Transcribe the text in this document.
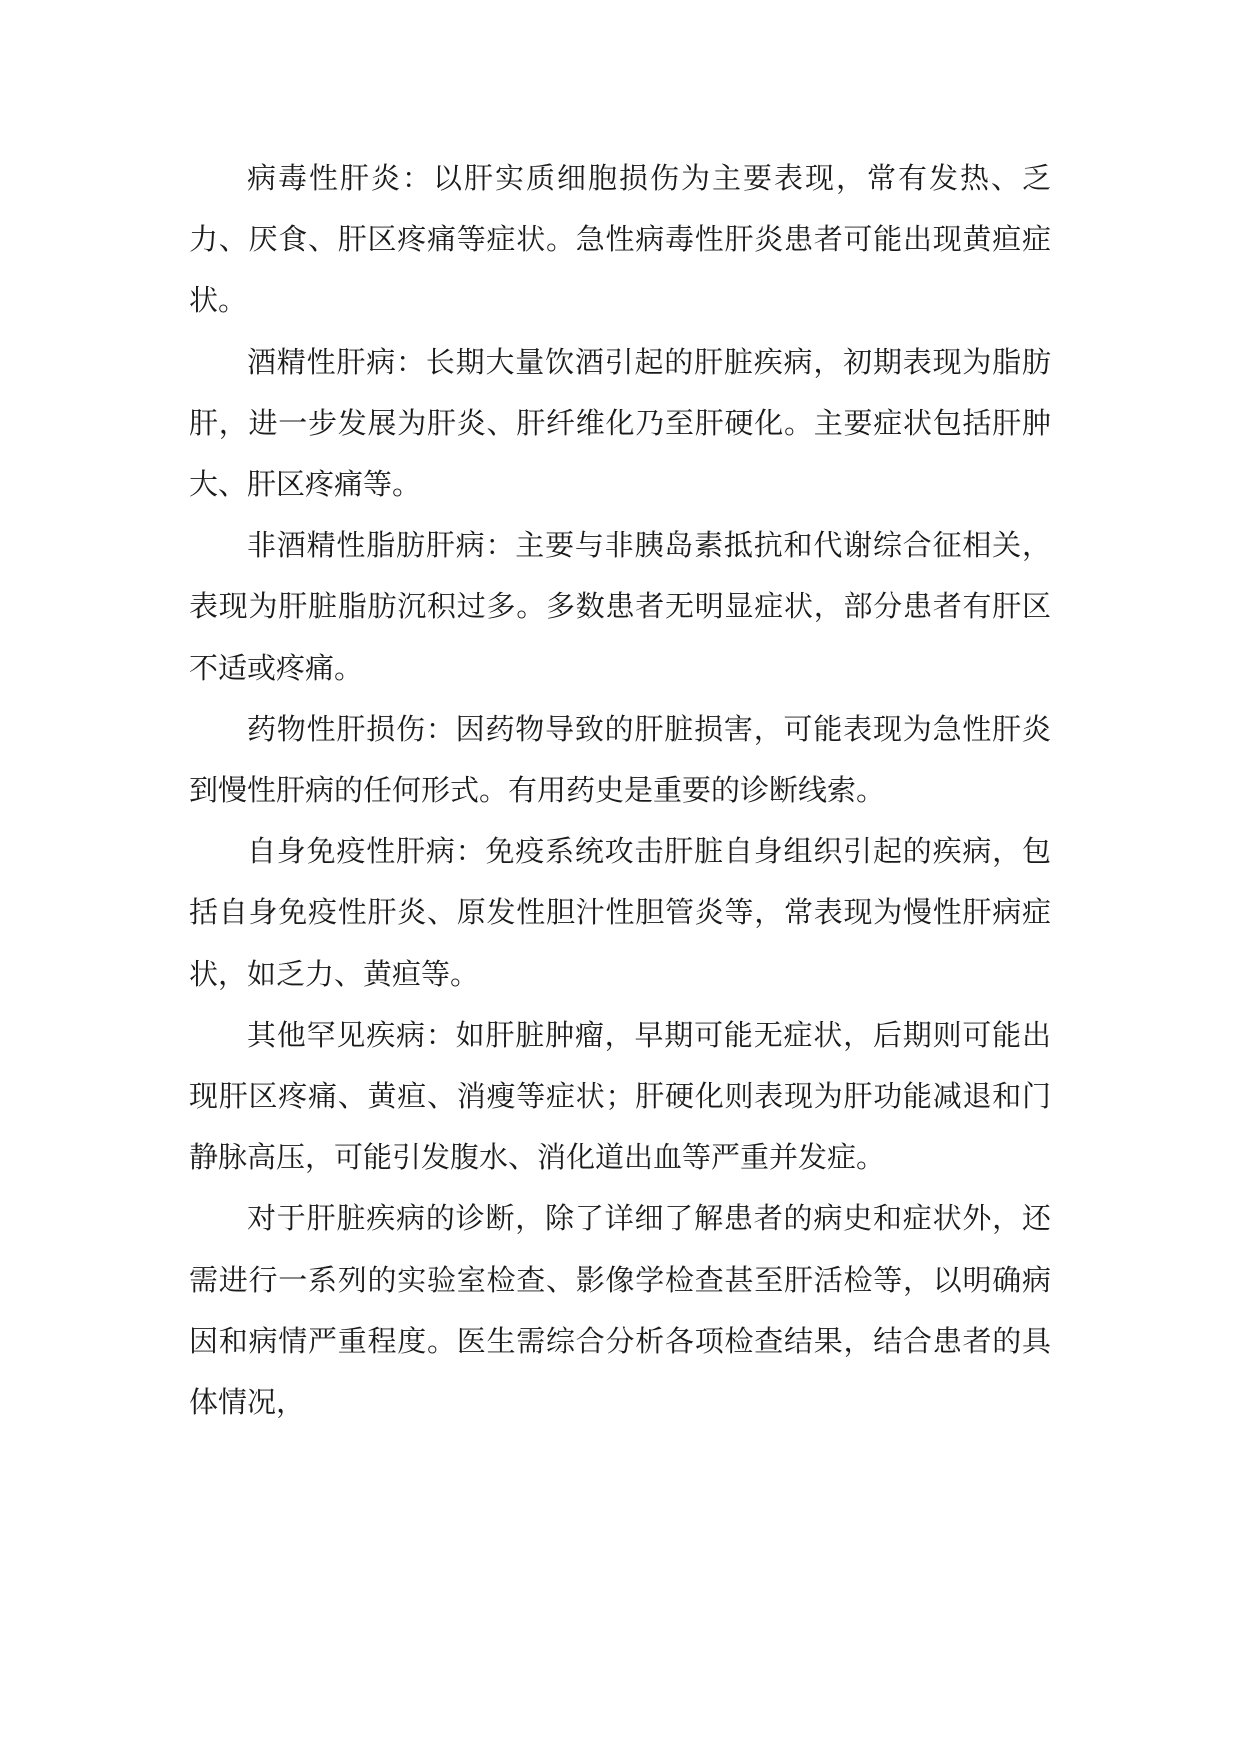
病毒性肝炎：以肝实质细胞损伤为主要表现，常有发热、乏力、厌食、肝区疼痛等症状。急性病毒性肝炎患者可能出现黄疸症状。

酒精性肝病：长期大量饮酒引起的肝脏疾病，初期表现为脂肪肝，进一步发展为肝炎、肝纤维化乃至肝硬化。主要症状包括肝肿大、肝区疼痛等。

非酒精性脂肪肝病：主要与非胰岛素抵抗和代谢综合征相关，表现为肝脏脂肪沉积过多。多数患者无明显症状，部分患者有肝区不适或疼痛。

药物性肝损伤：因药物导致的肝脏损害，可能表现为急性肝炎到慢性肝病的任何形式。有用药史是重要的诊断线索。

自身免疫性肝病：免疫系统攻击肝脏自身组织引起的疾病，包括自身免疫性肝炎、原发性胆汁性胆管炎等，常表现为慢性肝病症状，如乏力、黄疸等。

其他罕见疾病：如肝脏肿瘤，早期可能无症状，后期则可能出现肝区疼痛、黄疸、消瘦等症状；肝硬化则表现为肝功能减退和门静脉高压，可能引发腹水、消化道出血等严重并发症。

对于肝脏疾病的诊断，除了详细了解患者的病史和症状外，还需进行一系列的实验室检查、影像学检查甚至肝活检等，以明确病因和病情严重程度。医生需综合分析各项检查结果，结合患者的具体情况，
